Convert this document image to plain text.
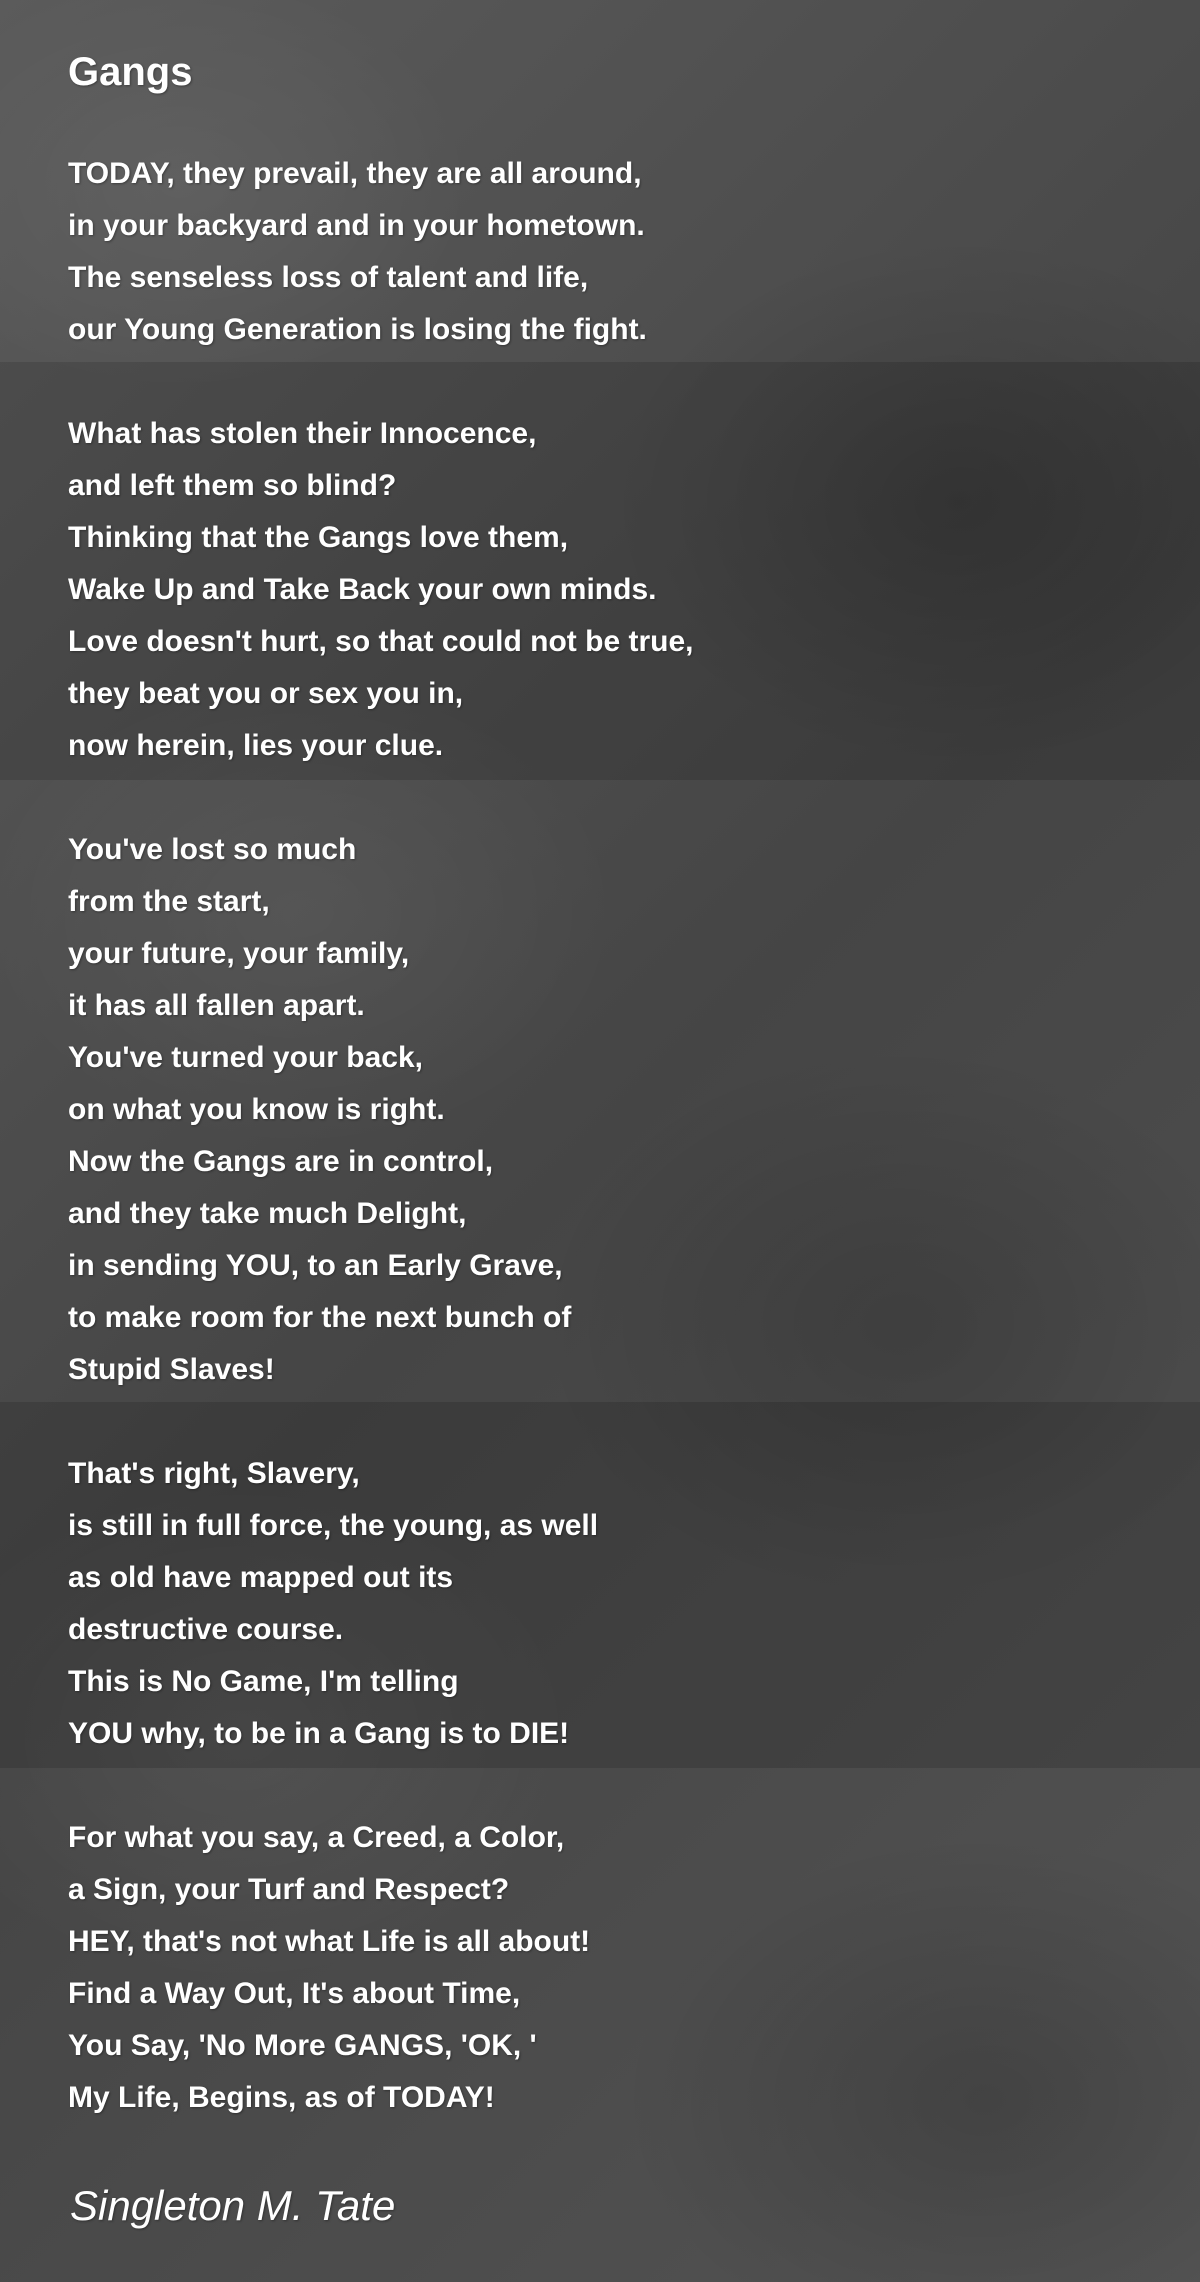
Gangs
TODAY, they prevail, they are all around,
in your backyard and in your hometown.
The senseless loss of talent and life,
our Young Generation is losing the fight.
What has stolen their Innocence,
and left them so blind?
Thinking that the Gangs love them,
Wake Up and Take Back your own minds.
Love doesn't hurt, so that could not be true,
they beat you or sex you in,
now herein, lies your clue.
You've lost so much
from the start,
your future, your family,
it has all fallen apart.
You've turned your back,
on what you know is right.
Now the Gangs are in control,
and they take much Delight,
in sending YOU, to an Early Grave,
to make room for the next bunch of
Stupid Slaves!
That's right, Slavery,
is still in full force, the young, as well
as old have mapped out its
destructive course.
This is No Game, I'm telling
YOU why, to be in a Gang is to DIE!
For what you say, a Creed, a Color,
a Sign, your Turf and Respect?
HEY, that's not what Life is all about!
Find a Way Out, It's about Time,
You Say, 'No More GANGS, 'OK, '
My Life, Begins, as of TODAY!

Singleton M. Tate
